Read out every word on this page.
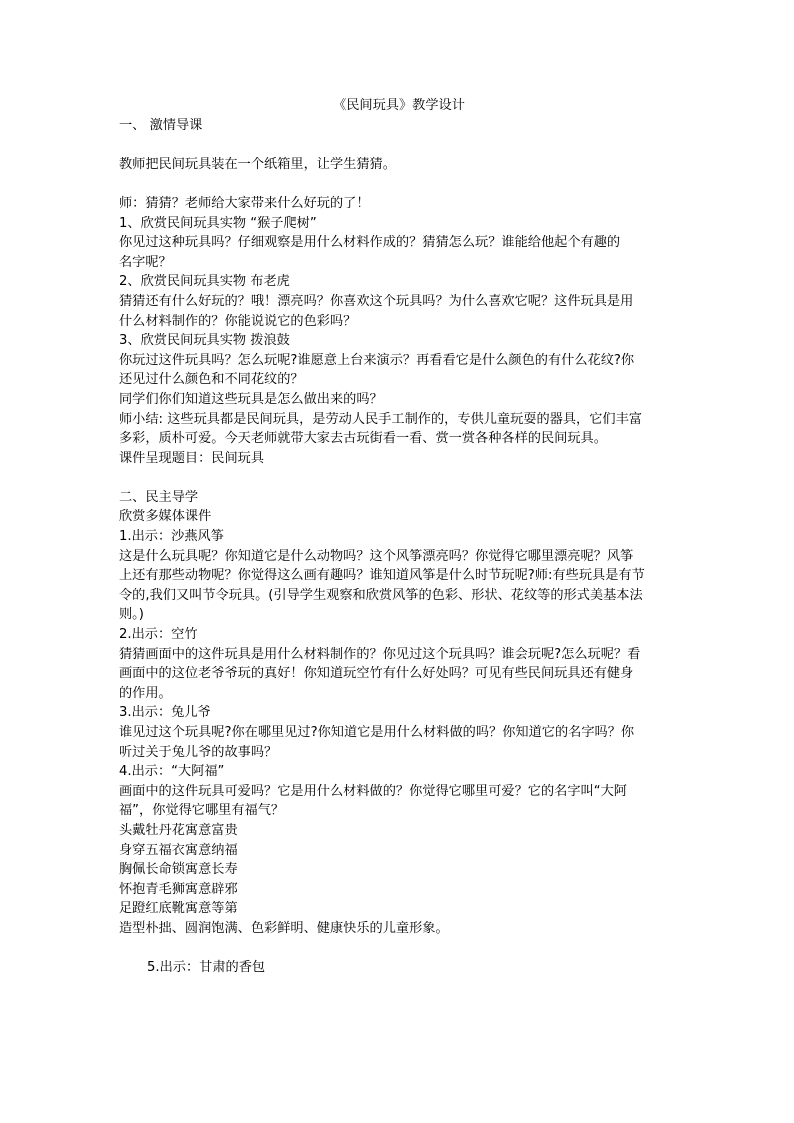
《民间玩具》教学设计
一、 激情导课
教师把民间玩具装在一个纸箱里，让学生猜猜。
师：猜猜？老师给大家带来什么好玩的了！
1、欣赏民间玩具实物 “猴子爬树”
你见过这种玩具吗？仔细观察是用什么材料作成的？猜猜怎么玩？谁能给他起个有趣的
名字呢？
2、欣赏民间玩具实物 布老虎
猜猜还有什么好玩的？哦！漂亮吗？你喜欢这个玩具吗？为什么喜欢它呢？这件玩具是用
什么材料制作的？你能说说它的色彩吗？
3、欣赏民间玩具实物 拨浪鼓
你玩过这件玩具吗？怎么玩呢?谁愿意上台来演示？再看看它是什么颜色的有什么花纹?你
还见过什么颜色和不同花纹的？
同学们你们知道这些玩具是怎么做出来的吗？
师小结: 这些玩具都是民间玩具，是劳动人民手工制作的，专供儿童玩耍的器具，它们丰富
多彩，质朴可爱。今天老师就带大家去古玩街看一看、赏一赏各种各样的民间玩具。
课件呈现题目：民间玩具
二、民主导学
欣赏多媒体课件
1.出示：沙燕风筝
这是什么玩具呢？你知道它是什么动物吗？这个风筝漂亮吗？你觉得它哪里漂亮呢？风筝
上还有那些动物呢？你觉得这么画有趣吗？谁知道风筝是什么时节玩呢?师:有些玩具是有节
令的,我们又叫节令玩具。(引导学生观察和欣赏风筝的色彩、形状、花纹等的形式美基本法
则。)
2.出示：空竹
猜猜画面中的这件玩具是用什么材料制作的？你见过这个玩具吗？谁会玩呢?怎么玩呢？看
画面中的这位老爷爷玩的真好！你知道玩空竹有什么好处吗？可见有些民间玩具还有健身
的作用。
3.出示：兔儿爷
谁见过这个玩具呢?你在哪里见过?你知道它是用什么材料做的吗？你知道它的名字吗？你
听过关于兔儿爷的故事吗？
4.出示：“大阿福”
画面中的这件玩具可爱吗？它是用什么材料做的？你觉得它哪里可爱？它的名字叫“大阿
福”，你觉得它哪里有福气？
头戴牡丹花寓意富贵
身穿五福衣寓意纳福
胸佩长命锁寓意长寿
怀抱青毛狮寓意辟邪
足蹬红底靴寓意等第
造型朴拙、圆润饱满、色彩鲜明、健康快乐的儿童形象。
5.出示：甘肃的香包
